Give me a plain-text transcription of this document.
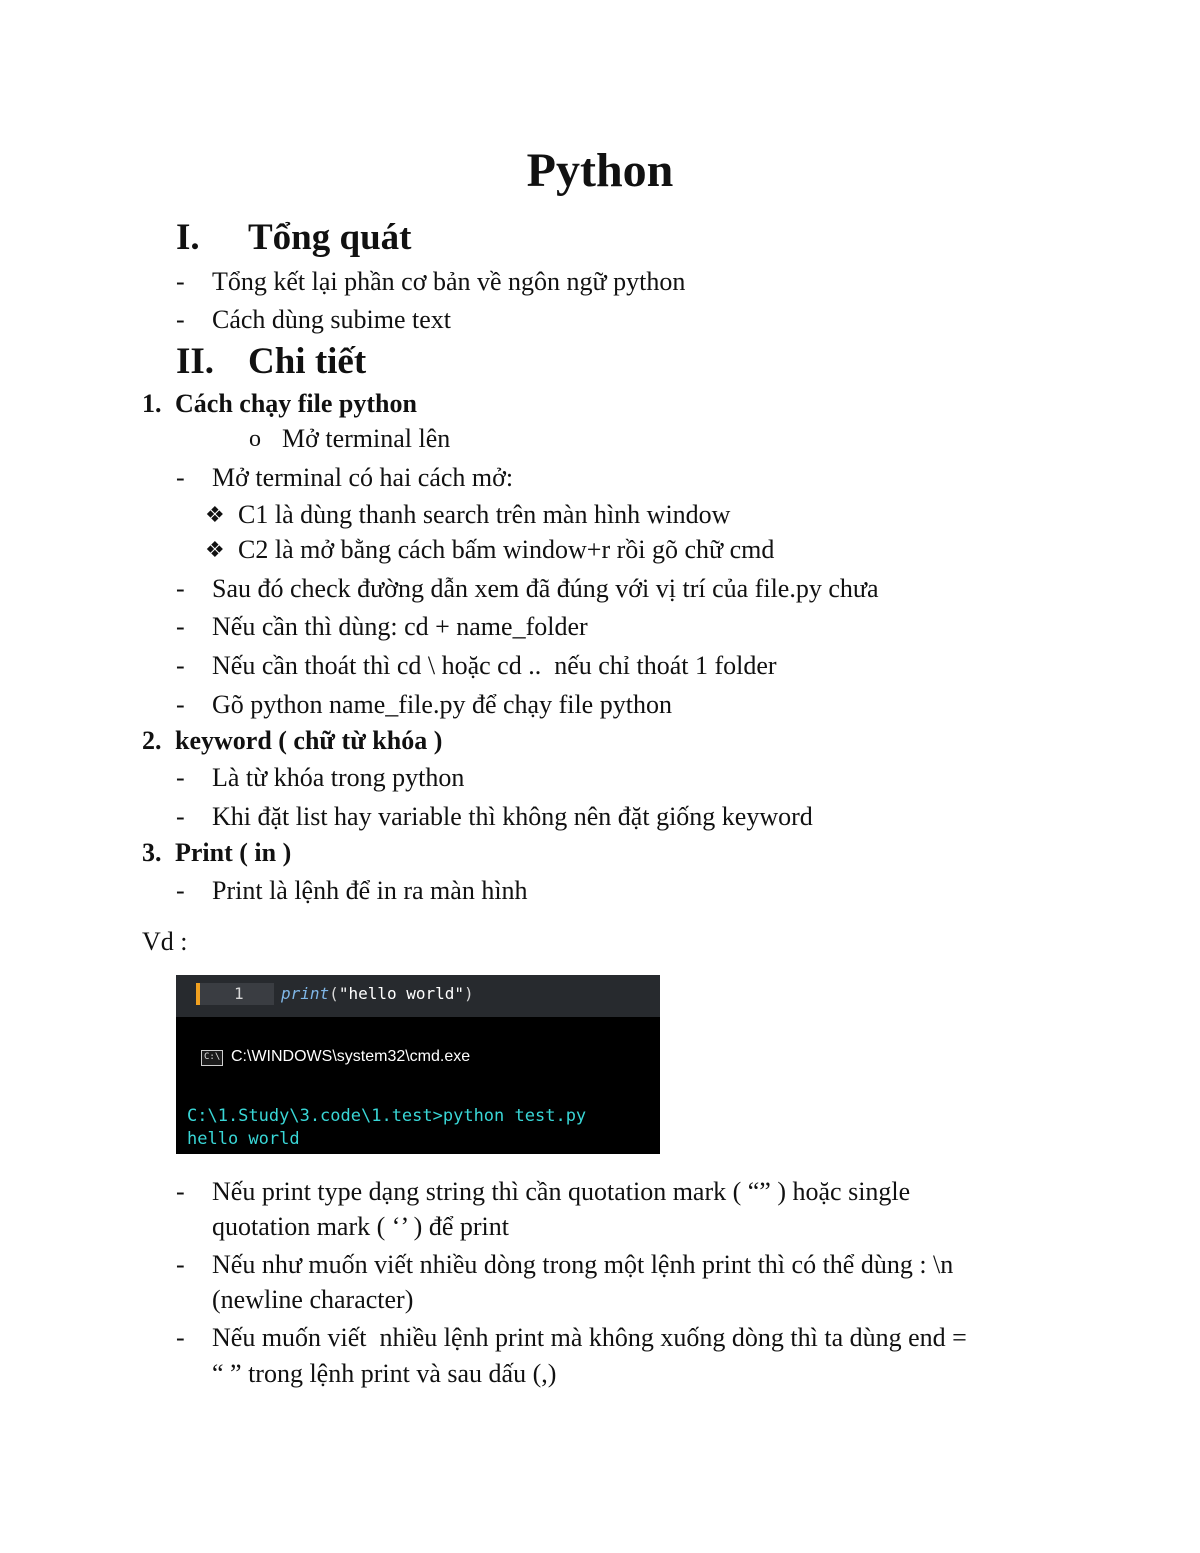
Python
I. Tổng quát
- Tổng kết lại phần cơ bản về ngôn ngữ python
- Cách dùng subime text
II. Chi tiết
1. Cách chạy file python
o Mở terminal lên
- Mở terminal có hai cách mở:
❖ C1 là dùng thanh search trên màn hình window
❖ C2 là mở bằng cách bấm window+r rồi gõ chữ cmd
- Sau đó check đường dẫn xem đã đúng với vị trí của file.py chưa
- Nếu cần thì dùng: cd + name_folder
- Nếu cần thoát thì cd \ hoặc cd ..  nếu chỉ thoát 1 folder
- Gõ python name_file.py để chạy file python
2. keyword ( chữ từ khóa )
- Là từ khóa trong python
- Khi đặt list hay variable thì không nên đặt giống keyword
3. Print ( in )
- Print là lệnh để in ra màn hình
Vd :
1 print("hello world")
C:\ C:\WINDOWS\system32\cmd.exe
C:\1.Study\3.code\1.test>python test.py
hello world
- Nếu print type dạng string thì cần quotation mark ( “” ) hoặc single
quotation mark ( ‘’ ) để print
- Nếu như muốn viết nhiều dòng trong một lệnh print thì có thể dùng : \n
(newline character)
- Nếu muốn viết  nhiều lệnh print mà không xuống dòng thì ta dùng end =
“ ” trong lệnh print và sau dấu (,)
